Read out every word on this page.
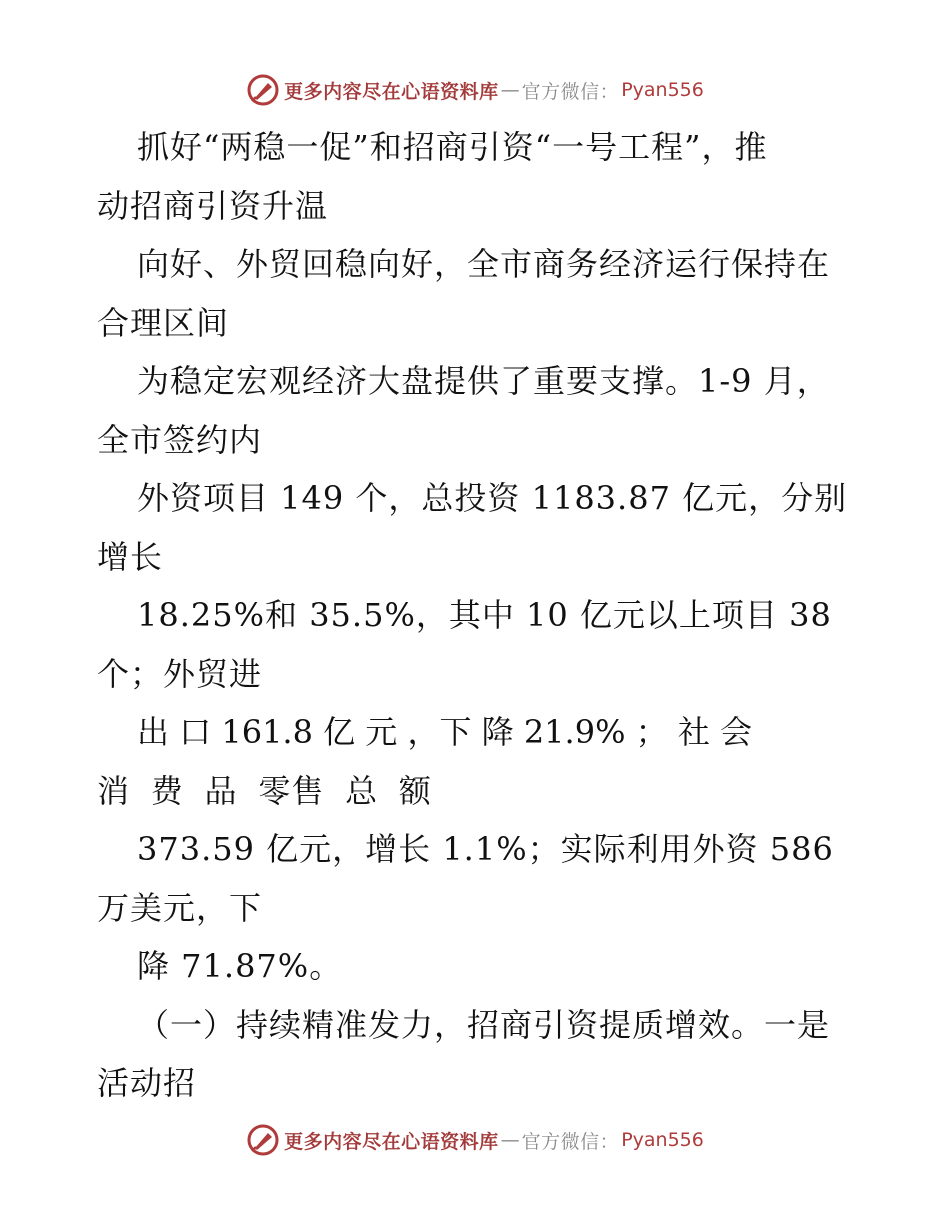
更多内容尽在心语资料库 — 官方微信： Pyan556
抓好“两稳一促”和招商引资“一号工程”，推
动招商引资升温
向好、外贸回稳向好，全市商务经济运行保持在
合理区间
为稳定宏观经济大盘提供了重要支撑。1-9 月，
全市签约内
外资项目 149 个，总投资 1183.87 亿元，分别
增长
18.25%和 35.5%，其中 10 亿元以上项目 38
个；外贸进
出 口 161.8 亿 元 ，下 降 21.9% ； 社 会
消 费 品 零售 总 额
373.59 亿元，增长 1.1%；实际利用外资 586
万美元，下
降 71.87%。
（一）持续精准发力，招商引资提质增效。一是
活动招
更多内容尽在心语资料库 — 官方微信： Pyan556
